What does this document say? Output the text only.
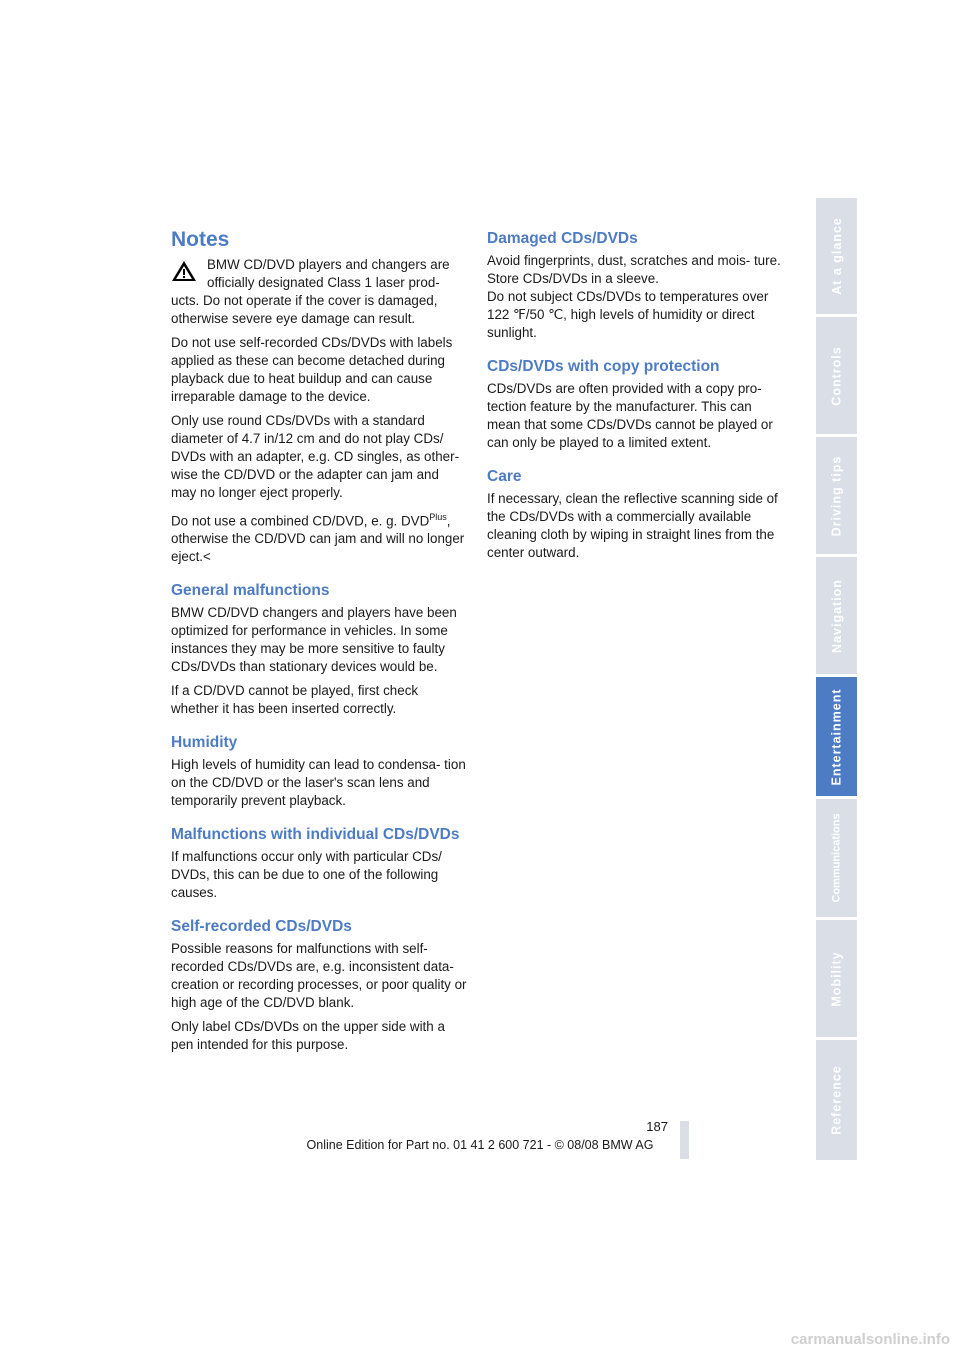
Notes

BMW CD/DVD players and changers are officially designated Class 1 laser prod-

ucts. Do not operate if the cover is damaged, otherwise severe eye damage can result.

Do not use self-recorded CDs/DVDs with labels applied as these can become detached during playback due to heat buildup and can cause irreparable damage to the device.

Only use round CDs/DVDs with a standard diameter of 4.7 in/12 cm and do not play CDs/ DVDs with an adapter, e.g. CD singles, as other- wise the CD/DVD or the adapter can jam and may no longer eject properly.

Do not use a combined CD/DVD, e. g. $DVD^{Plus}$, otherwise the CD/DVD can jam and will no longer eject.<

General malfunctions

BMW CD/DVD changers and players have been optimized for performance in vehicles. In some instances they may be more sensitive to faulty CDs/DVDs than stationary devices would be.

If a CD/DVD cannot be played, first check whether it has been inserted correctly.

Humidity

High levels of humidity can lead to condensa- tion on the CD/DVD or the laser's scan lens and temporarily prevent playback.

Malfunctions with individual CDs/DVDs

If malfunctions occur only with particular CDs/ DVDs, this can be due to one of the following causes.

Self-recorded CDs/DVDs

Possible reasons for malfunctions with self- recorded CDs/DVDs are, e.g. inconsistent data- creation or recording processes, or poor quality or high age of the CD/DVD blank.

Only label CDs/DVDs on the upper side with a pen intended for this purpose.

Damaged CDs/DVDs

Avoid fingerprints, dust, scratches and mois- ture.

Store CDs/DVDs in a sleeve.

Do not subject CDs/DVDs to temperatures over 122 ℉/50 ℃, high levels of humidity or direct sunlight.

CDs/DVDs with copy protection

CDs/DVDs are often provided with a copy pro- tection feature by the manufacturer. This can mean that some CDs/DVDs cannot be played or can only be played to a limited extent.

Care

If necessary, clean the reflective scanning side of the CDs/DVDs with a commercially available cleaning cloth by wiping in straight lines from the center outward.

At a glance
Controls
Driving tips
Navigation
Entertainment
Communications
Mobility
Reference
187
Online Edition for Part no. 01 41 2 600 721 - © 08/08 BMW AG
carmanualsonline.info
